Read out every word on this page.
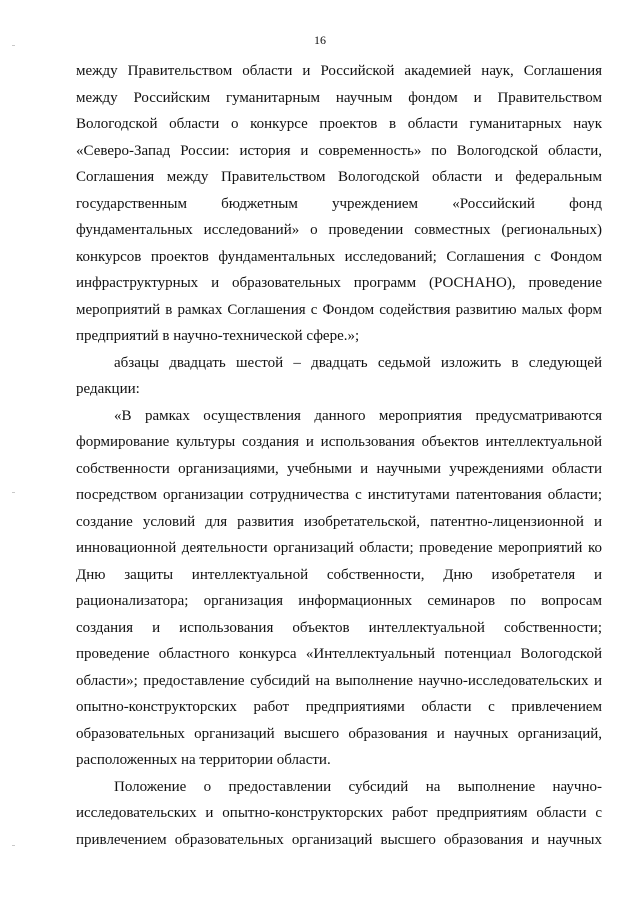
16
между Правительством области и Российской академией наук, Соглашения
между Российским гуманитарным научным фондом и Правительством
Вологодской области о конкурсе проектов в области гуманитарных наук
«Северо-Запад России: история и современность» по Вологодской области,
Соглашения между Правительством Вологодской области и федеральным
государственным бюджетным учреждением «Российский фонд
фундаментальных исследований» о проведении совместных (региональных)
конкурсов проектов фундаментальных исследований; Соглашения с Фондом
инфраструктурных и образовательных программ (РОСНАНО), проведение
мероприятий в рамках Соглашения с Фондом содействия развитию малых форм
предприятий в научно-технической сфере.»;
абзацы двадцать шестой – двадцать седьмой изложить в следующей
редакции:
«В рамках осуществления данного мероприятия предусматриваются
формирование культуры создания и использования объектов интеллектуальной
собственности организациями, учебными и научными учреждениями области
посредством организации сотрудничества с институтами патентования области;
создание условий для развития изобретательской, патентно-лицензионной и
инновационной деятельности организаций области; проведение мероприятий ко
Дню защиты интеллектуальной собственности, Дню изобретателя и
рационализатора; организация информационных семинаров по вопросам
создания и использования объектов интеллектуальной собственности;
проведение областного конкурса «Интеллектуальный потенциал Вологодской
области»; предоставление субсидий на выполнение научно-исследовательских и
опытно-конструкторских работ предприятиями области с привлечением
образовательных организаций высшего образования и научных организаций,
расположенных на территории области.
Положение о предоставлении субсидий на выполнение научно-
исследовательских и опытно-конструкторских работ предприятиям области с
привлечением образовательных организаций высшего образования и научных
